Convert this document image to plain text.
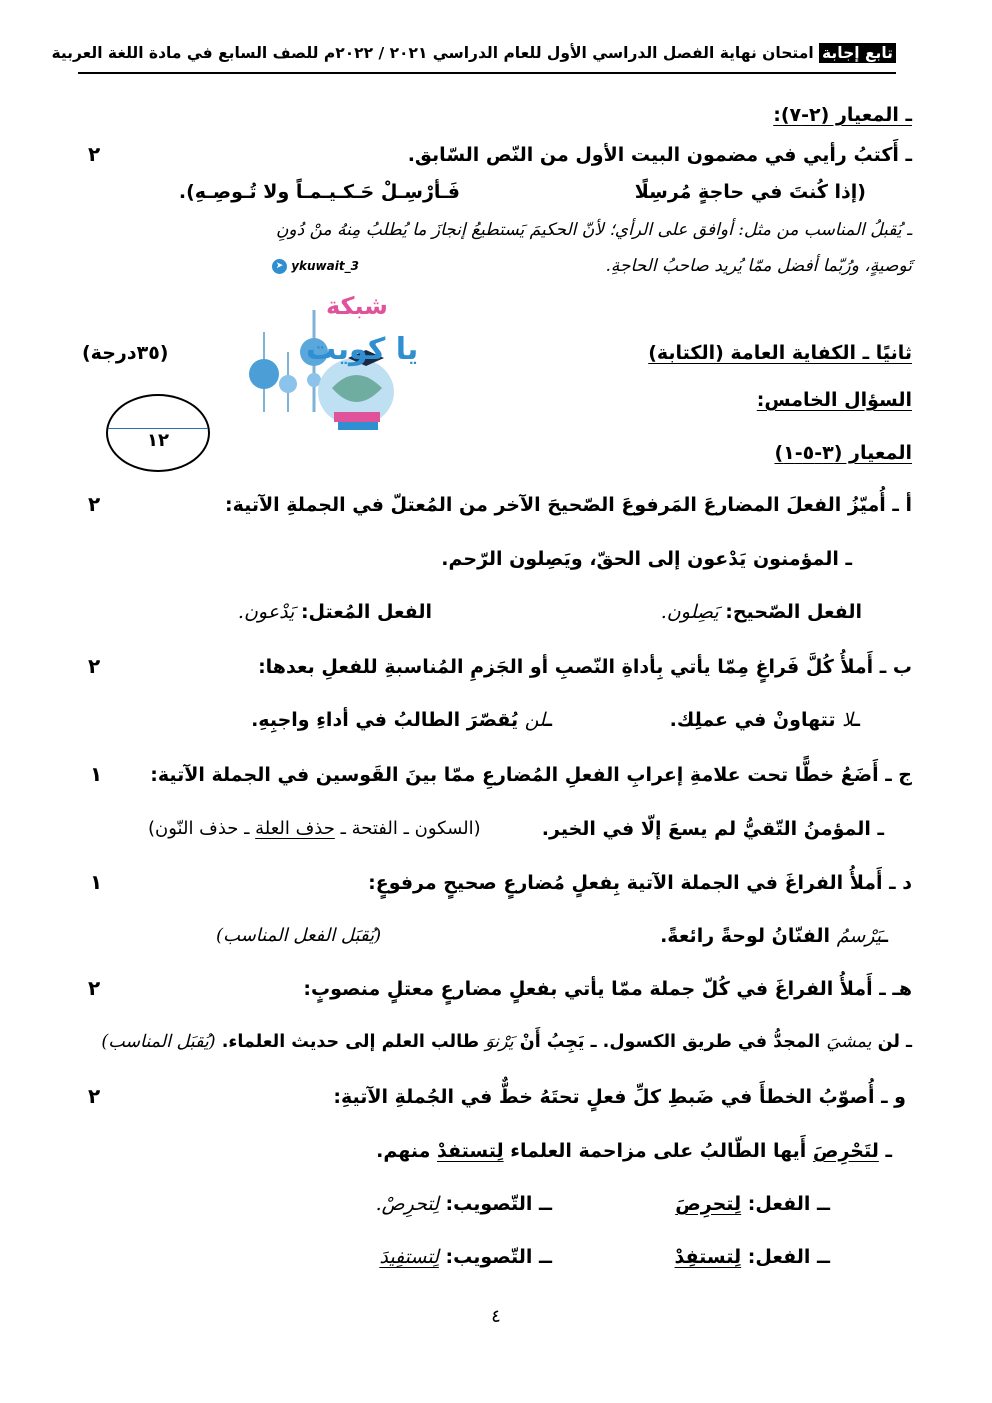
تابع إجابة امتحان نهاية الفصل الدراسي الأول للعام الدراسي ٢٠٢١ / ٢٠٢٢م للصف السابع في مادة اللغة العربية
ـ المعيار (٢-٧):
ـ أَكتبُ رأيي في مضمون البيت الأول من النّص السّابق.
٢
(إذا كُنتَ في حاجةٍ مُرسِلًا
فَـأرْسِـلْ حَـكـيـمـاً ولا تُـوصِـهِ).
ـ يُقبلُ المناسب من مثل: أوافق على الرأي؛ لأنّ الحكيمَ يَستطيعُ إنجازَ ما يُطلبُ مِنهُ منْ دُونِ
تَوصيةٍ، ورُبّما أفضل ممّا يُريد صاحبُ الحاجةِ.
➤ ykuwait_3
شبكة
يا كويت	ثانيًا ـ الكفاية العامة (الكتابة)
(٣٥درجة)
السؤال الخامس:
١٢
المعيار (٣-٥-١)
أ ـ أُميّزُ الفعلَ المضارعَ المَرفوعَ الصّحيحَ الآخر من المُعتلّ في الجملةِ الآتية:
٢
ـ المؤمنون يَدْعون إلى الحقّ، ويَصِلون الرّحم.
الفعل الصّحيح: يَصِلون.
الفعل المُعتل: يَدْعون.
ب ـ أَملأُ كُلَّ فَراغٍ مِمّا يأتي بِأداةِ النّصبِ أو الجَزمِ المُناسبةِ للفعلِ بعدها:
٢
ـلا تتهاونْ في عملِك.
ـلن يُقصّرَ الطالبُ في أداءِ واجبِهِ.
ج ـ أَضَعُ خطًّا تحت علامةِ إعرابِ الفعلِ المُضارعِ ممّا بينَ القَوسين في الجملة الآتية:
١
ـ المؤمنُ التّقيُّ لم يسعَ إلّا في الخير.
(السكون ـ الفتحة ـ حذف العلة ـ حذف النّون)
د ـ أَملأُ الفراغَ في الجملة الآتية بِفعلٍ مُضارعٍ صحيحٍ مرفوعٍ:
١
ـيَرْسمُ الفنّانُ لوحةً رائعةً.
(يُقبَل الفعل المناسب)
هـ ـ أَملأُ الفراغَ في كُلّ جملة ممّا يأتي بفعلٍ مضارعٍ معتلٍ منصوبٍ:
٢
ـ لن يمشيَ المجدُّ في طريق الكسول. ـ يَجِبُ أَنْ يَرْنوَ طالب العلم إلى حديث العلماء. (يُقبَل المناسب)
و ـ أُصوّبُ الخطأَ في ضَبطِ كلِّ فعلٍ تحتَهُ خطٌّ في الجُملةِ الآتيةِ:
٢
ـ لتَحْرِصَ أَيها الطّالبُ على مزاحمة العلماء لِتستفدْ منهم.
ــ الفعل: لِتحرِصَ
ــ التّصويب: لِتحرِصْ.
ــ الفعل: لِتستفِدْ
ــ التّصويب: لِتستفِيدَ
٤
